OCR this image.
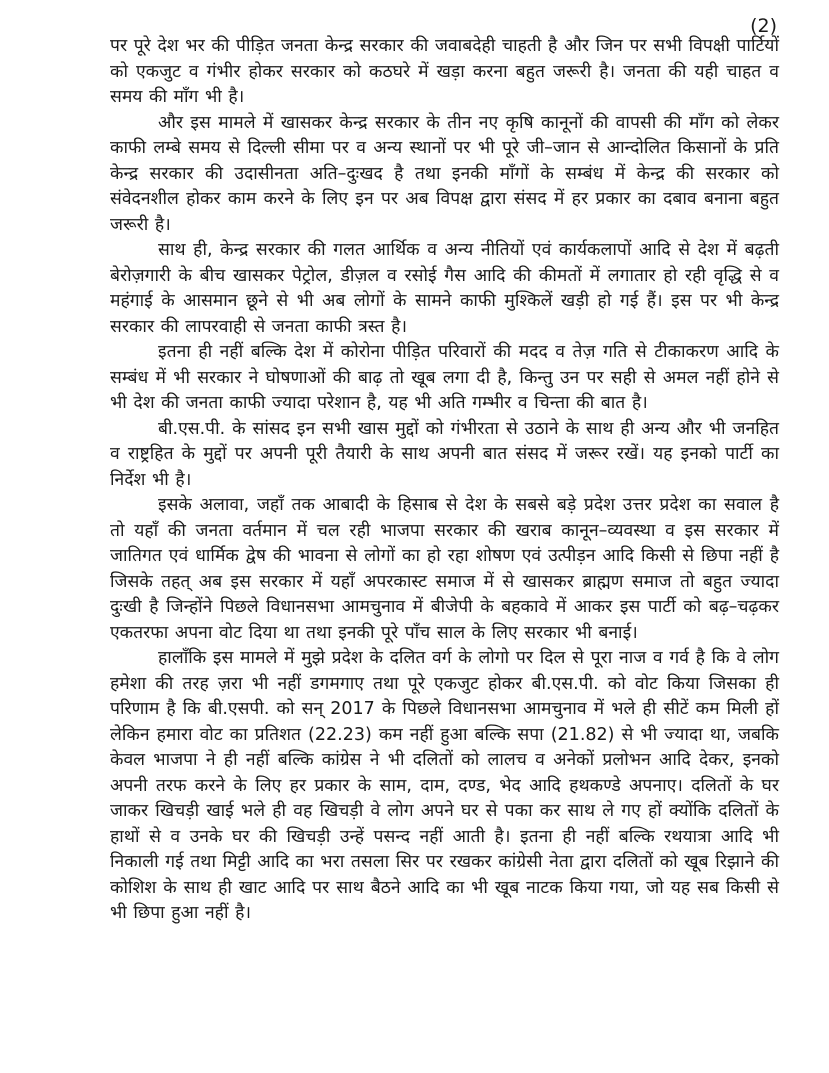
(2)

पर पूरे देश भर की पीड़ित जनता केन्द्र सरकार की जवाबदेही चाहती है और जिन पर सभी विपक्षी पार्टियों को एकजुट व गंभीर होकर सरकार को कठघरे में खड़ा करना बहुत जरूरी है। जनता की यही चाहत व समय की माँग भी है।

और इस मामले में खासकर केन्द्र सरकार के तीन नए कृषि कानूनों की वापसी की माँग को लेकर काफी लम्बे समय से दिल्ली सीमा पर व अन्य स्थानों पर भी पूरे जी–जान से आन्दोलित किसानों के प्रति केन्द्र सरकार की उदासीनता अति–दुःखद है तथा इनकी माँगों के सम्बंध में केन्द्र की सरकार को संवेदनशील होकर काम करने के लिए इन पर अब विपक्ष द्वारा संसद में हर प्रकार का दबाव बनाना बहुत जरूरी है।

साथ ही, केन्द्र सरकार की गलत आर्थिक व अन्य नीतियों एवं कार्यकलापों आदि से देश में बढ़ती बेरोज़गारी के बीच खासकर पेट्रोल, डीज़ल व रसोई गैस आदि की कीमतों में लगातार हो रही वृद्धि से व महंगाई के आसमान छूने से भी अब लोगों के सामने काफी मुश्किलें खड़ी हो गई हैं। इस पर भी केन्द्र सरकार की लापरवाही से जनता काफी त्रस्त है।

इतना ही नहीं बल्कि देश में कोरोना पीड़ित परिवारों की मदद व तेज़ गति से टीकाकरण आदि के सम्बंध में भी सरकार ने घोषणाओं की बाढ़ तो खूब लगा दी है, किन्तु उन पर सही से अमल नहीं होने से भी देश की जनता काफी ज्यादा परेशान है, यह भी अति गम्भीर व चिन्ता की बात है।

बी.एस.पी. के सांसद इन सभी खास मुद्दों को गंभीरता से उठाने के साथ ही अन्य और भी जनहित व राष्ट्रहित के मुद्दों पर अपनी पूरी तैयारी के साथ अपनी बात संसद में जरूर रखें। यह इनको पार्टी का निर्देश भी है।

इसके अलावा, जहाँ तक आबादी के हिसाब से देश के सबसे बड़े प्रदेश उत्तर प्रदेश का सवाल है तो यहाँ की जनता वर्तमान में चल रही भाजपा सरकार की खराब कानून–व्यवस्था व इस सरकार में जातिगत एवं धार्मिक द्वेष की भावना से लोगों का हो रहा शोषण एवं उत्पीड़न आदि किसी से छिपा नहीं है जिसके तहत् अब इस सरकार में यहाँ अपरकास्ट समाज में से खासकर ब्राह्मण समाज तो बहुत ज्यादा दुःखी है जिन्होंने पिछले विधानसभा आमचुनाव में बीजेपी के बहकावे में आकर इस पार्टी को बढ़–चढ़कर एकतरफा अपना वोट दिया था तथा इनकी पूरे पाँच साल के लिए सरकार भी बनाई।

हालाँकि इस मामले में मुझे प्रदेश के दलित वर्ग के लोगो पर दिल से पूरा नाज व गर्व है कि वे लोग हमेशा की तरह ज़रा भी नहीं डगमगाए तथा पूरे एकजुट होकर बी.एस.पी. को वोट किया जिसका ही परिणाम है कि बी.एसपी. को सन् 2017 के पिछले विधानसभा आमचुनाव में भले ही सीटें कम मिली हों लेकिन हमारा वोट का प्रतिशत (22.23) कम नहीं हुआ बल्कि सपा (21.82) से भी ज्यादा था, जबकि केवल भाजपा ने ही नहीं बल्कि कांग्रेस ने भी दलितों को लालच व अनेकों प्रलोभन आदि देकर, इनको अपनी तरफ करने के लिए हर प्रकार के साम, दाम, दण्ड, भेद आदि हथकण्डे अपनाए। दलितों के घर जाकर खिचड़ी खाई भले ही वह खिचड़ी वे लोग अपने घर से पका कर साथ ले गए हों क्योंकि दलितों के हाथों से व उनके घर की खिचड़ी उन्हें पसन्द नहीं आती है। इतना ही नहीं बल्कि रथयात्रा आदि भी निकाली गई तथा मिट्टी आदि का भरा तसला सिर पर रखकर कांग्रेसी नेता द्वारा दलितों को खूब रिझाने की कोशिश के साथ ही खाट आदि पर साथ बैठने आदि का भी खूब नाटक किया गया, जो यह सब किसी से भी छिपा हुआ नहीं है।
